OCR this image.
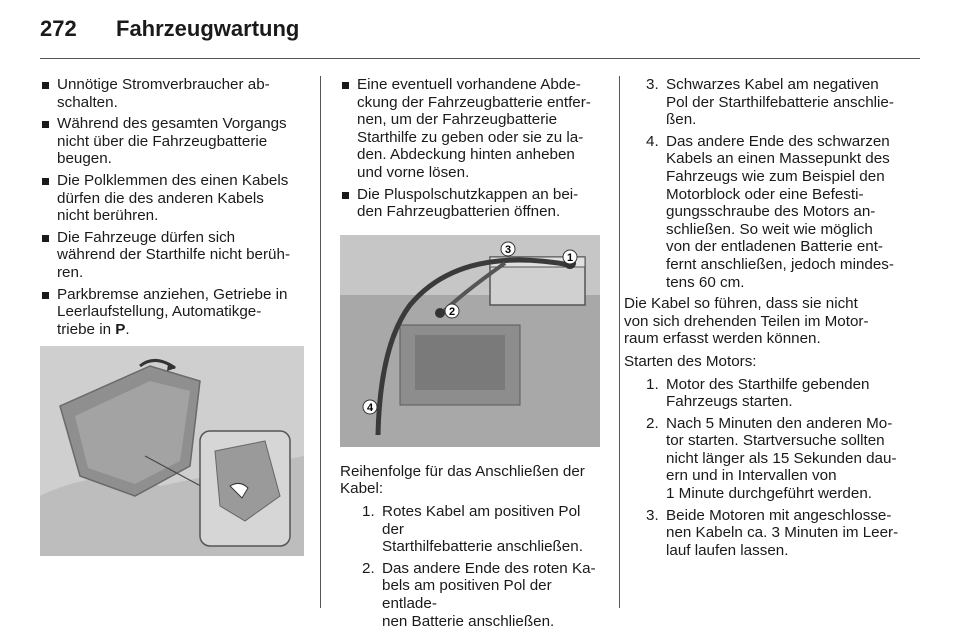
272	Fahrzeugwartung
Unnötige Stromverbraucher ab-
schalten.
Während des gesamten Vorgangs
nicht über die Fahrzeugbatterie
beugen.
Die Polklemmen des einen Kabels
dürfen die des anderen Kabels
nicht berühren.
Die Fahrzeuge dürfen sich
während der Starthilfe nicht berüh-
ren.
Parkbremse anziehen, Getriebe in
Leerlaufstellung, Automatikge-
triebe in P.
Eine eventuell vorhandene Abde-
ckung der Fahrzeugbatterie entfer-
nen, um der Fahrzeugbatterie
Starthilfe zu geben oder sie zu la-
den. Abdeckung hinten anheben
und vorne lösen.
Die Pluspolschutzkappen an bei-
den Fahrzeugbatterien öffnen.
1
2
3
4
Reihenfolge für das Anschließen der
Kabel:
1. Rotes Kabel am positiven Pol der
Starthilfebatterie anschließen.
2. Das andere Ende des roten Ka-
bels am positiven Pol der entlade-
nen Batterie anschließen.
3. Schwarzes Kabel am negativen
Pol der Starthilfebatterie anschlie-
ßen.
4. Das andere Ende des schwarzen
Kabels an einen Massepunkt des
Fahrzeugs wie zum Beispiel den
Motorblock oder eine Befesti-
gungsschraube des Motors an-
schließen. So weit wie möglich
von der entladenen Batterie ent-
fernt anschließen, jedoch mindes-
tens 60 cm.
Die Kabel so führen, dass sie nicht
von sich drehenden Teilen im Motor-
raum erfasst werden können.
Starten des Motors:
1. Motor des Starthilfe gebenden
Fahrzeugs starten.
2. Nach 5 Minuten den anderen Mo-
tor starten. Startversuche sollten
nicht länger als 15 Sekunden dau-
ern und in Intervallen von
1 Minute durchgeführt werden.
3. Beide Motoren mit angeschlosse-
nen Kabeln ca. 3 Minuten im Leer-
lauf laufen lassen.
